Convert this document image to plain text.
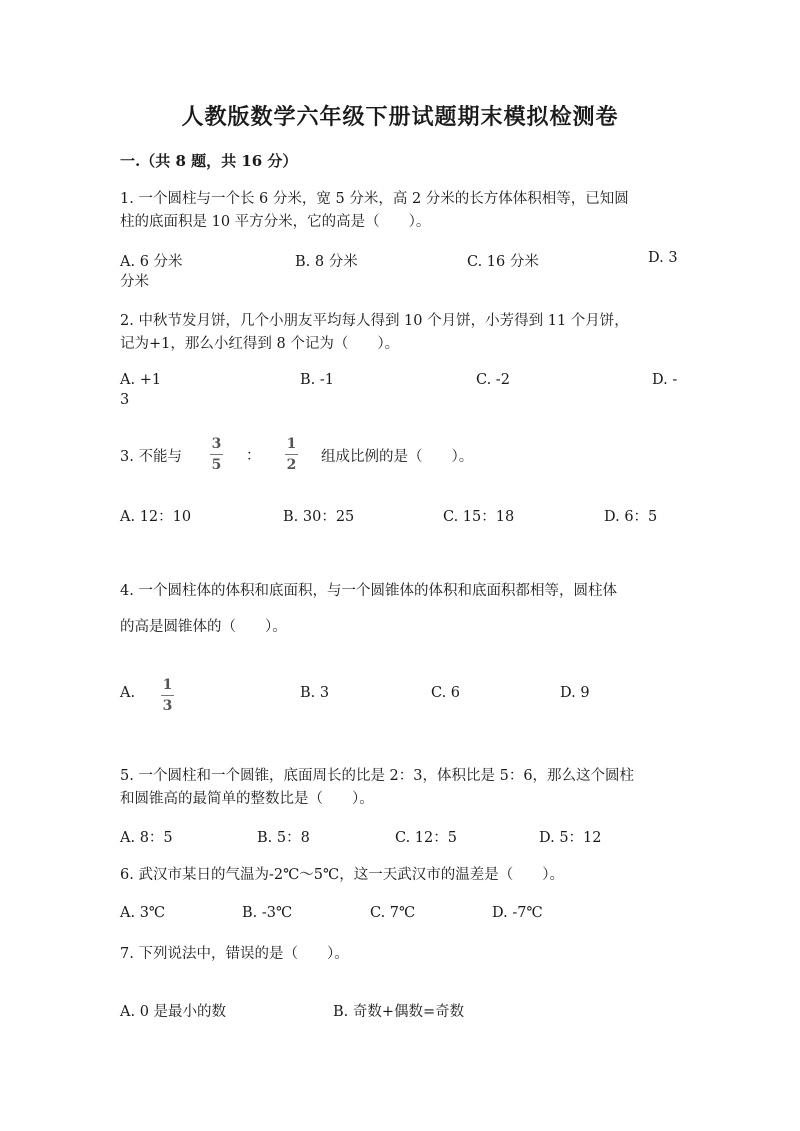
人教版数学六年级下册试题期末模拟检测卷
一.（共 8 题，共 16 分）
1. 一个圆柱与一个长 6 分米，宽 5 分米，高 2 分米的长方体体积相等，已知圆
柱的底面积是 10 平方分米，它的高是（　　）。
A. 6 分米	B. 8 分米	C. 16 分米	D. 3
分米
2. 中秋节发月饼，几个小朋友平均每人得到 10 个月饼，小芳得到 11 个月饼，
记为+1，那么小红得到 8 个记为（　　）。
A. +1	B. -1	C. -2	D. -
3
3. 不能与
3
5
：
1
2 组成比例的是（　　）。
A. 12：10	B. 30：25	C. 15：18	D. 6：5
4. 一个圆柱体的体积和底面积，与一个圆锥体的体积和底面积都相等，圆柱体
的高是圆锥体的（　　）。
A. 1
3
B. 3	C. 6	D. 9
5. 一个圆柱和一个圆锥，底面周长的比是 2：3，体积比是 5：6，那么这个圆柱
和圆锥高的最简单的整数比是（　　）。
A. 8：5	B. 5：8	C. 12：5	D. 5：12
6. 武汉市某日的气温为-2℃～5℃，这一天武汉市的温差是（　　）。
A. 3℃	B. -3℃	C. 7℃	D. -7℃
7. 下列说法中，错误的是（　　）。
A. 0 是最小的数	B. 奇数+偶数=奇数
